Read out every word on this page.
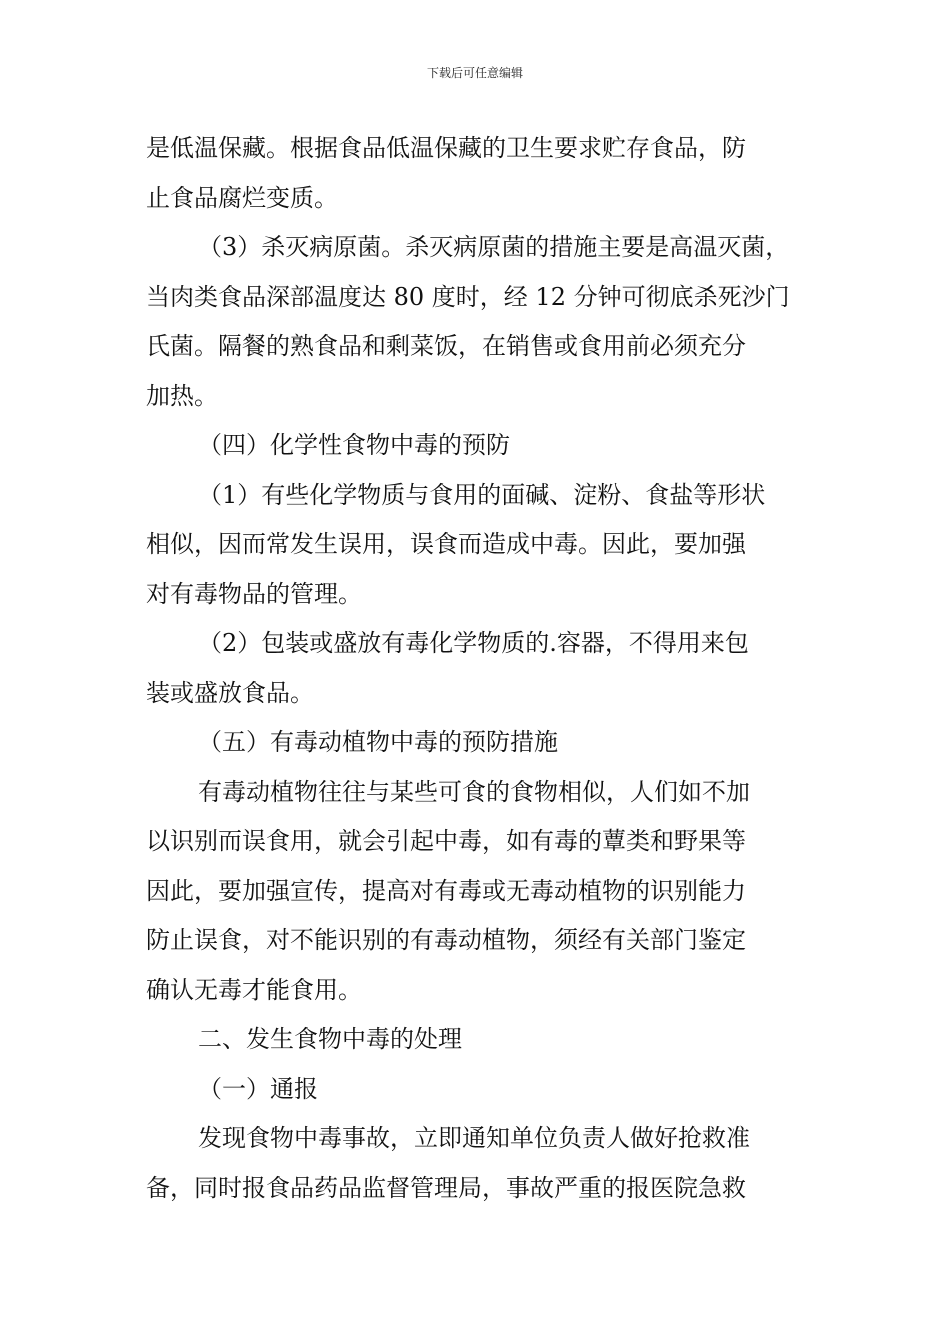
下载后可任意编辑
是低温保藏。根据食品低温保藏的卫生要求贮存食品，防
止食品腐烂变质。
（3）杀灭病原菌。杀灭病原菌的措施主要是高温灭菌，
当肉类食品深部温度达 80 度时，经 12 分钟可彻底杀死沙门
氏菌。隔餐的熟食品和剩菜饭，在销售或食用前必须充分
加热。
（四）化学性食物中毒的预防
（1）有些化学物质与食用的面碱、淀粉、食盐等形状
相似，因而常发生误用，误食而造成中毒。因此，要加强
对有毒物品的管理。
（2）包装或盛放有毒化学物质的.容器，不得用来包
装或盛放食品。
（五）有毒动植物中毒的预防措施
有毒动植物往往与某些可食的食物相似，人们如不加
以识别而误食用，就会引起中毒，如有毒的蕈类和野果等
因此，要加强宣传，提高对有毒或无毒动植物的识别能力
防止误食，对不能识别的有毒动植物，须经有关部门鉴定
确认无毒才能食用。
二、发生食物中毒的处理
（一）通报
发现食物中毒事故，立即通知单位负责人做好抢救准
备，同时报食品药品监督管理局，事故严重的报医院急救
